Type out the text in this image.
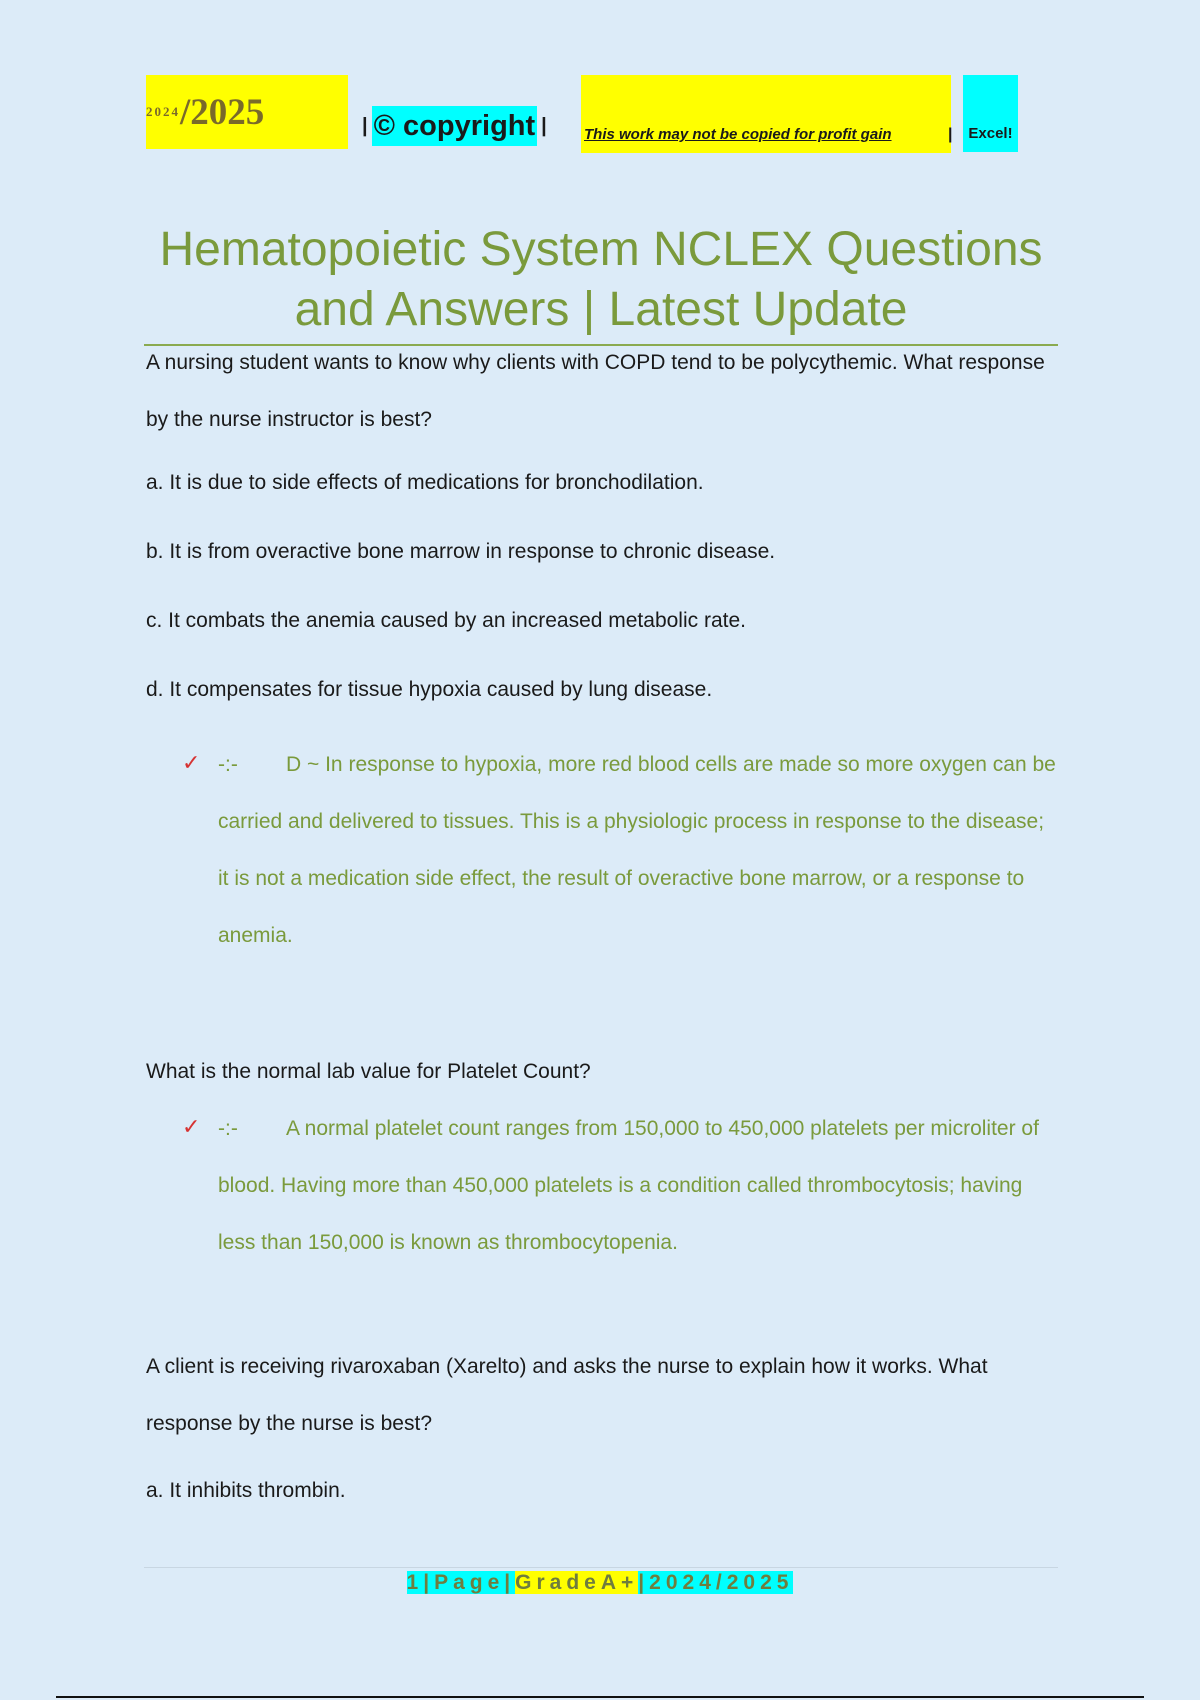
2024 /2025	| © copyright | This work may not be copied for profit gain	| Excel!
Hematopoietic System NCLEX Questions and Answers | Latest Update
A nursing student wants to know why clients with COPD tend to be polycythemic. What response by the nurse instructor is best?
a. It is due to side effects of medications for bronchodilation.
b. It is from overactive bone marrow in response to chronic disease.
c. It combats the anemia caused by an increased metabolic rate.
d. It compensates for tissue hypoxia caused by lung disease.
✓ -:- D ~ In response to hypoxia, more red blood cells are made so more oxygen can be carried and delivered to tissues. This is a physiologic process in response to the disease; it is not a medication side effect, the result of overactive bone marrow, or a response to anemia.
What is the normal lab value for Platelet Count?
✓ -:- A normal platelet count ranges from 150,000 to 450,000 platelets per microliter of blood. Having more than 450,000 platelets is a condition called thrombocytosis; having less than 150,000 is known as thrombocytopenia.
A client is receiving rivaroxaban (Xarelto) and asks the nurse to explain how it works. What response by the nurse is best?
a. It inhibits thrombin.
1|Page|GradeA+|2024/2025
